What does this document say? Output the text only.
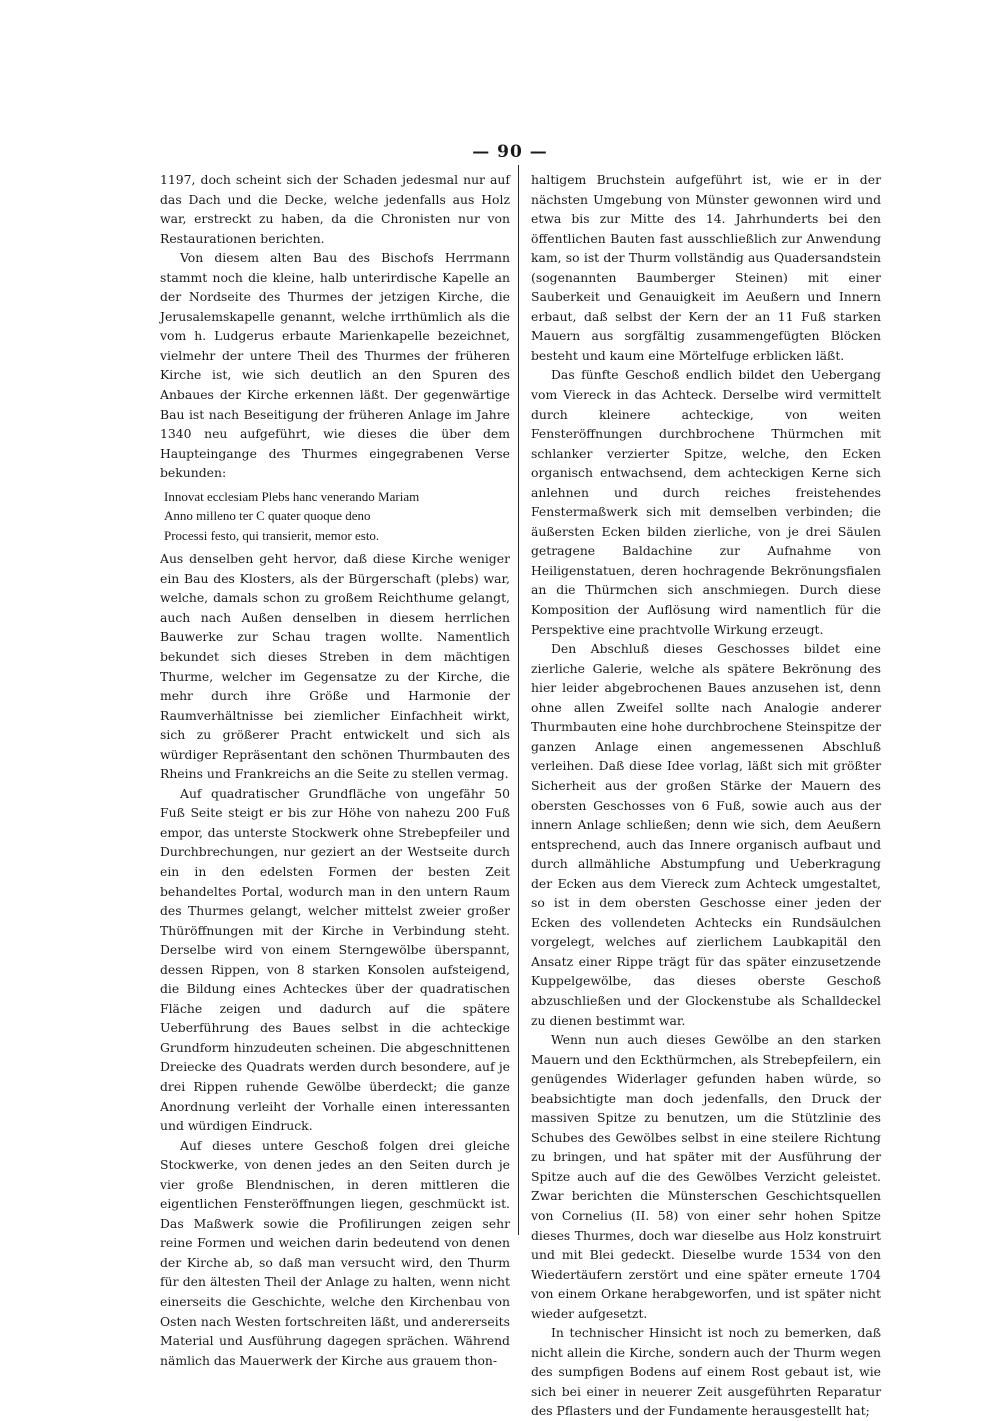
— 90 —

1197, doch scheint sich der Schaden jedesmal nur auf das Dach und die Decke, welche jedenfalls aus Holz war, erstreckt zu haben, da die Chronisten nur von Restaurationen berichten.

Von diesem alten Bau des Bischofs Herrmann stammt noch die kleine, halb unterirdische Kapelle an der Nordseite des Thurmes der jetzigen Kirche, die Jerusalemskapelle genannt, welche irrthümlich als die vom h. Ludgerus erbaute Marienkapelle bezeichnet, vielmehr der untere Theil des Thurmes der früheren Kirche ist, wie sich deutlich an den Spuren des Anbaues der Kirche erkennen läßt. Der gegenwärtige Bau ist nach Beseitigung der früheren Anlage im Jahre 1340 neu aufgeführt, wie dieses die über dem Haupteingange des Thurmes eingegrabenen Verse bekunden:

Innovat ecclesiam Plebs hanc venerando Mariam
Anno milleno ter C quater quoque deno
Processi festo, qui transierit, memor esto.

Aus denselben geht hervor, daß diese Kirche weniger ein Bau des Klosters, als der Bürgerschaft (plebs) war, welche, damals schon zu großem Reichthume gelangt, auch nach Außen denselben in diesem herrlichen Bauwerke zur Schau tragen wollte. Namentlich bekundet sich dieses Streben in dem mächtigen Thurme, welcher im Gegensatze zu der Kirche, die mehr durch ihre Größe und Harmonie der Raumverhältnisse bei ziemlicher Einfachheit wirkt, sich zu größerer Pracht entwickelt und sich als würdiger Repräsentant den schönen Thurmbauten des Rheins und Frankreichs an die Seite zu stellen vermag.

Auf quadratischer Grundfläche von ungefähr 50 Fuß Seite steigt er bis zur Höhe von nahezu 200 Fuß empor, das unterste Stockwerk ohne Strebepfeiler und Durchbrechungen, nur geziert an der Westseite durch ein in den edelsten Formen der besten Zeit behandeltes Portal, wodurch man in den untern Raum des Thurmes gelangt, welcher mittelst zweier großer Thüröffnungen mit der Kirche in Verbindung steht. Derselbe wird von einem Sterngewölbe überspannt, dessen Rippen, von 8 starken Konsolen aufsteigend, die Bildung eines Achteckes über der quadratischen Fläche zeigen und dadurch auf die spätere Ueberführung des Baues selbst in die achteckige Grundform hinzudeuten scheinen. Die abgeschnittenen Dreiecke des Quadrats werden durch besondere, auf je drei Rippen ruhende Gewölbe überdeckt; die ganze Anordnung verleiht der Vorhalle einen interessanten und würdigen Eindruck.

Auf dieses untere Geschoß folgen drei gleiche Stockwerke, von denen jedes an den Seiten durch je vier große Blendnischen, in deren mittleren die eigentlichen Fensteröffnungen liegen, geschmückt ist. Das Maßwerk sowie die Profilirungen zeigen sehr reine Formen und weichen darin bedeutend von denen der Kirche ab, so daß man versucht wird, den Thurm für den ältesten Theil der Anlage zu halten, wenn nicht einerseits die Geschichte, welche den Kirchenbau von Osten nach Westen fortschreiten läßt, und andererseits Material und Ausführung dagegen sprächen. Während nämlich das Mauerwerk der Kirche aus grauem thon-

haltigem Bruchstein aufgeführt ist, wie er in der nächsten Umgebung von Münster gewonnen wird und etwa bis zur Mitte des 14. Jahrhunderts bei den öffentlichen Bauten fast ausschließlich zur Anwendung kam, so ist der Thurm vollständig aus Quadersandstein (sogenannten Baumberger Steinen) mit einer Sauberkeit und Genauigkeit im Aeußern und Innern erbaut, daß selbst der Kern der an 11 Fuß starken Mauern aus sorgfältig zusammengefügten Blöcken besteht und kaum eine Mörtelfuge erblicken läßt.

Das fünfte Geschoß endlich bildet den Uebergang vom Viereck in das Achteck. Derselbe wird vermittelt durch kleinere achteckige, von weiten Fensteröffnungen durchbrochene Thürmchen mit schlanker verzierter Spitze, welche, den Ecken organisch entwachsend, dem achteckigen Kerne sich anlehnen und durch reiches freistehendes Fenstermaßwerk sich mit demselben verbinden; die äußersten Ecken bilden zierliche, von je drei Säulen getragene Baldachine zur Aufnahme von Heiligenstatuen, deren hochragende Bekrönungsfialen an die Thürmchen sich anschmiegen. Durch diese Komposition der Auflösung wird namentlich für die Perspektive eine prachtvolle Wirkung erzeugt.

Den Abschluß dieses Geschosses bildet eine zierliche Galerie, welche als spätere Bekrönung des hier leider abgebrochenen Baues anzusehen ist, denn ohne allen Zweifel sollte nach Analogie anderer Thurmbauten eine hohe durchbrochene Steinspitze der ganzen Anlage einen angemessenen Abschluß verleihen. Daß diese Idee vorlag, läßt sich mit größter Sicherheit aus der großen Stärke der Mauern des obersten Geschosses von 6 Fuß, sowie auch aus der innern Anlage schließen; denn wie sich, dem Aeußern entsprechend, auch das Innere organisch aufbaut und durch allmähliche Abstumpfung und Ueberkragung der Ecken aus dem Viereck zum Achteck umgestaltet, so ist in dem obersten Geschosse einer jeden der Ecken des vollendeten Achtecks ein Rundsäulchen vorgelegt, welches auf zierlichem Laubkapitäl den Ansatz einer Rippe trägt für das später einzusetzende Kuppelgewölbe, das dieses oberste Geschoß abzuschließen und der Glockenstube als Schalldeckel zu dienen bestimmt war.

Wenn nun auch dieses Gewölbe an den starken Mauern und den Eckthürmchen, als Strebepfeilern, ein genügendes Widerlager gefunden haben würde, so beabsichtigte man doch jedenfalls, den Druck der massiven Spitze zu benutzen, um die Stützlinie des Schubes des Gewölbes selbst in eine steilere Richtung zu bringen, und hat später mit der Ausführung der Spitze auch auf die des Gewölbes Verzicht geleistet. Zwar berichten die Münsterschen Geschichtsquellen von Cornelius (II. 58) von einer sehr hohen Spitze dieses Thurmes, doch war dieselbe aus Holz konstruirt und mit Blei gedeckt. Dieselbe wurde 1534 von den Wiedertäufern zerstört und eine später erneute 1704 von einem Orkane herabgeworfen, und ist später nicht wieder aufgesetzt.

In technischer Hinsicht ist noch zu bemerken, daß nicht allein die Kirche, sondern auch der Thurm wegen des sumpfigen Bodens auf einem Rost gebaut ist, wie sich bei einer in neuerer Zeit ausgeführten Reparatur des Pflasters und der Fundamente herausgestellt hat;
